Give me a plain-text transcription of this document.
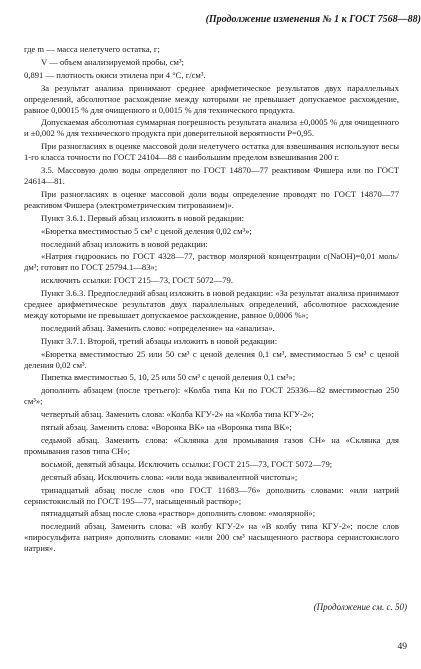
(Продолжение изменения № 1 к ГОСТ 7568—88)
где m — масса нелетучего остатка, г;
V — объем анализируемой пробы, см³;
0,891 — плотность окиси этилена при 4 °С, г/см³.
За результат анализа принимают среднее арифметическое результатов двух параллельных определений, абсолютное расхождение между которыми не превышает допускаемое расхождение, равное 0,00015 % для очищенного и 0,0015 % для технического продукта.
Допускаемая абсолютная суммарная погрешность результата анализа ±0,0005 % для очищенного и ±0,002 % для технического продукта при доверительной вероятности P=0,95.
При разногласиях в оценке массовой доли нелетучего остатка для взвешивания используют весы 1-го класса точности по ГОСТ 24104—88 с наибольшим пределом взвешивания 200 г.
3.5. Массовую долю воды определяют по ГОСТ 14870—77 реактивом Фишера или по ГОСТ 24614—81.
При разногласиях в оценке массовой доли воды определение проводят по ГОСТ 14870—77 реактивом Фишера (электрометрическим титрованием)».
Пункт 3.6.1. Первый абзац изложить в новой редакции:
«Бюретка вместимостью 5 см³ с ценой деления 0,02 см³»;
последний абзац изложить в новой редакции:
«Натрия гидроокись по ГОСТ 4328—77, раствор молярной концентрации c(NaOH)=0,01 моль/дм³; готовят по ГОСТ 25794.1—83»;
исключить ссылки: ГОСТ 215—73, ГОСТ 5072—79.
Пункт 3.6.3. Предпоследний абзац изложить в новой редакции: «За результат анализа принимают среднее арифметическое результатов двух параллельных определений, абсолютное расхождение между которыми не превышает допускаемое расхождение, равное 0,0006 %»;
последний абзац. Заменить слово: «определение» на «анализа».
Пункт 3.7.1. Второй, третий абзацы изложить в новой редакции:
«Бюретка вместимостью 25 или 50 см³ с ценой деления 0,1 см³, вместимостью 5 см³ с ценой деления 0,02 см³.
Пипетка вместимостью 5, 10, 25 или 50 см³ с ценой деления 0,1 см³»;
дополнить абзацем (после третьего): «Колба типа Кн по ГОСТ 25336—82 вместимостью 250 см³»;
четвертый абзац. Заменить слова: «Колба КГУ-2» на «Колба типа КГУ-2»;
пятый абзац. Заменить слова: «Воронка ВК» на «Воронка типа ВК»;
седьмой абзац. Заменить слова: «Склянка для промывания газов СН» на «Склянка для промывания газов типа СН»;
восьмой, девятый абзацы. Исключить ссылки: ГОСТ 215—73, ГОСТ 5072—79;
десятый абзац. Исключить слова: «или вода эквивалентной чистоты»;
тринадцатый абзац после слов «по ГОСТ 11683—76» дополнить словами: «или натрий сернистокислый по ГОСТ 195—77, насыщенный раствор»;
пятнадцатый абзац после слова «раствор» дополнить словом: «молярной»;
последний абзац. Заменить слова: «В колбу КГУ-2» на «В колбу типа КГУ-2»; после слов «пиросульфита натрия» дополнить словами: «или 200 см³ насыщенного раствора сернистокислого натрия».
(Продолжение см. с. 50)
49
